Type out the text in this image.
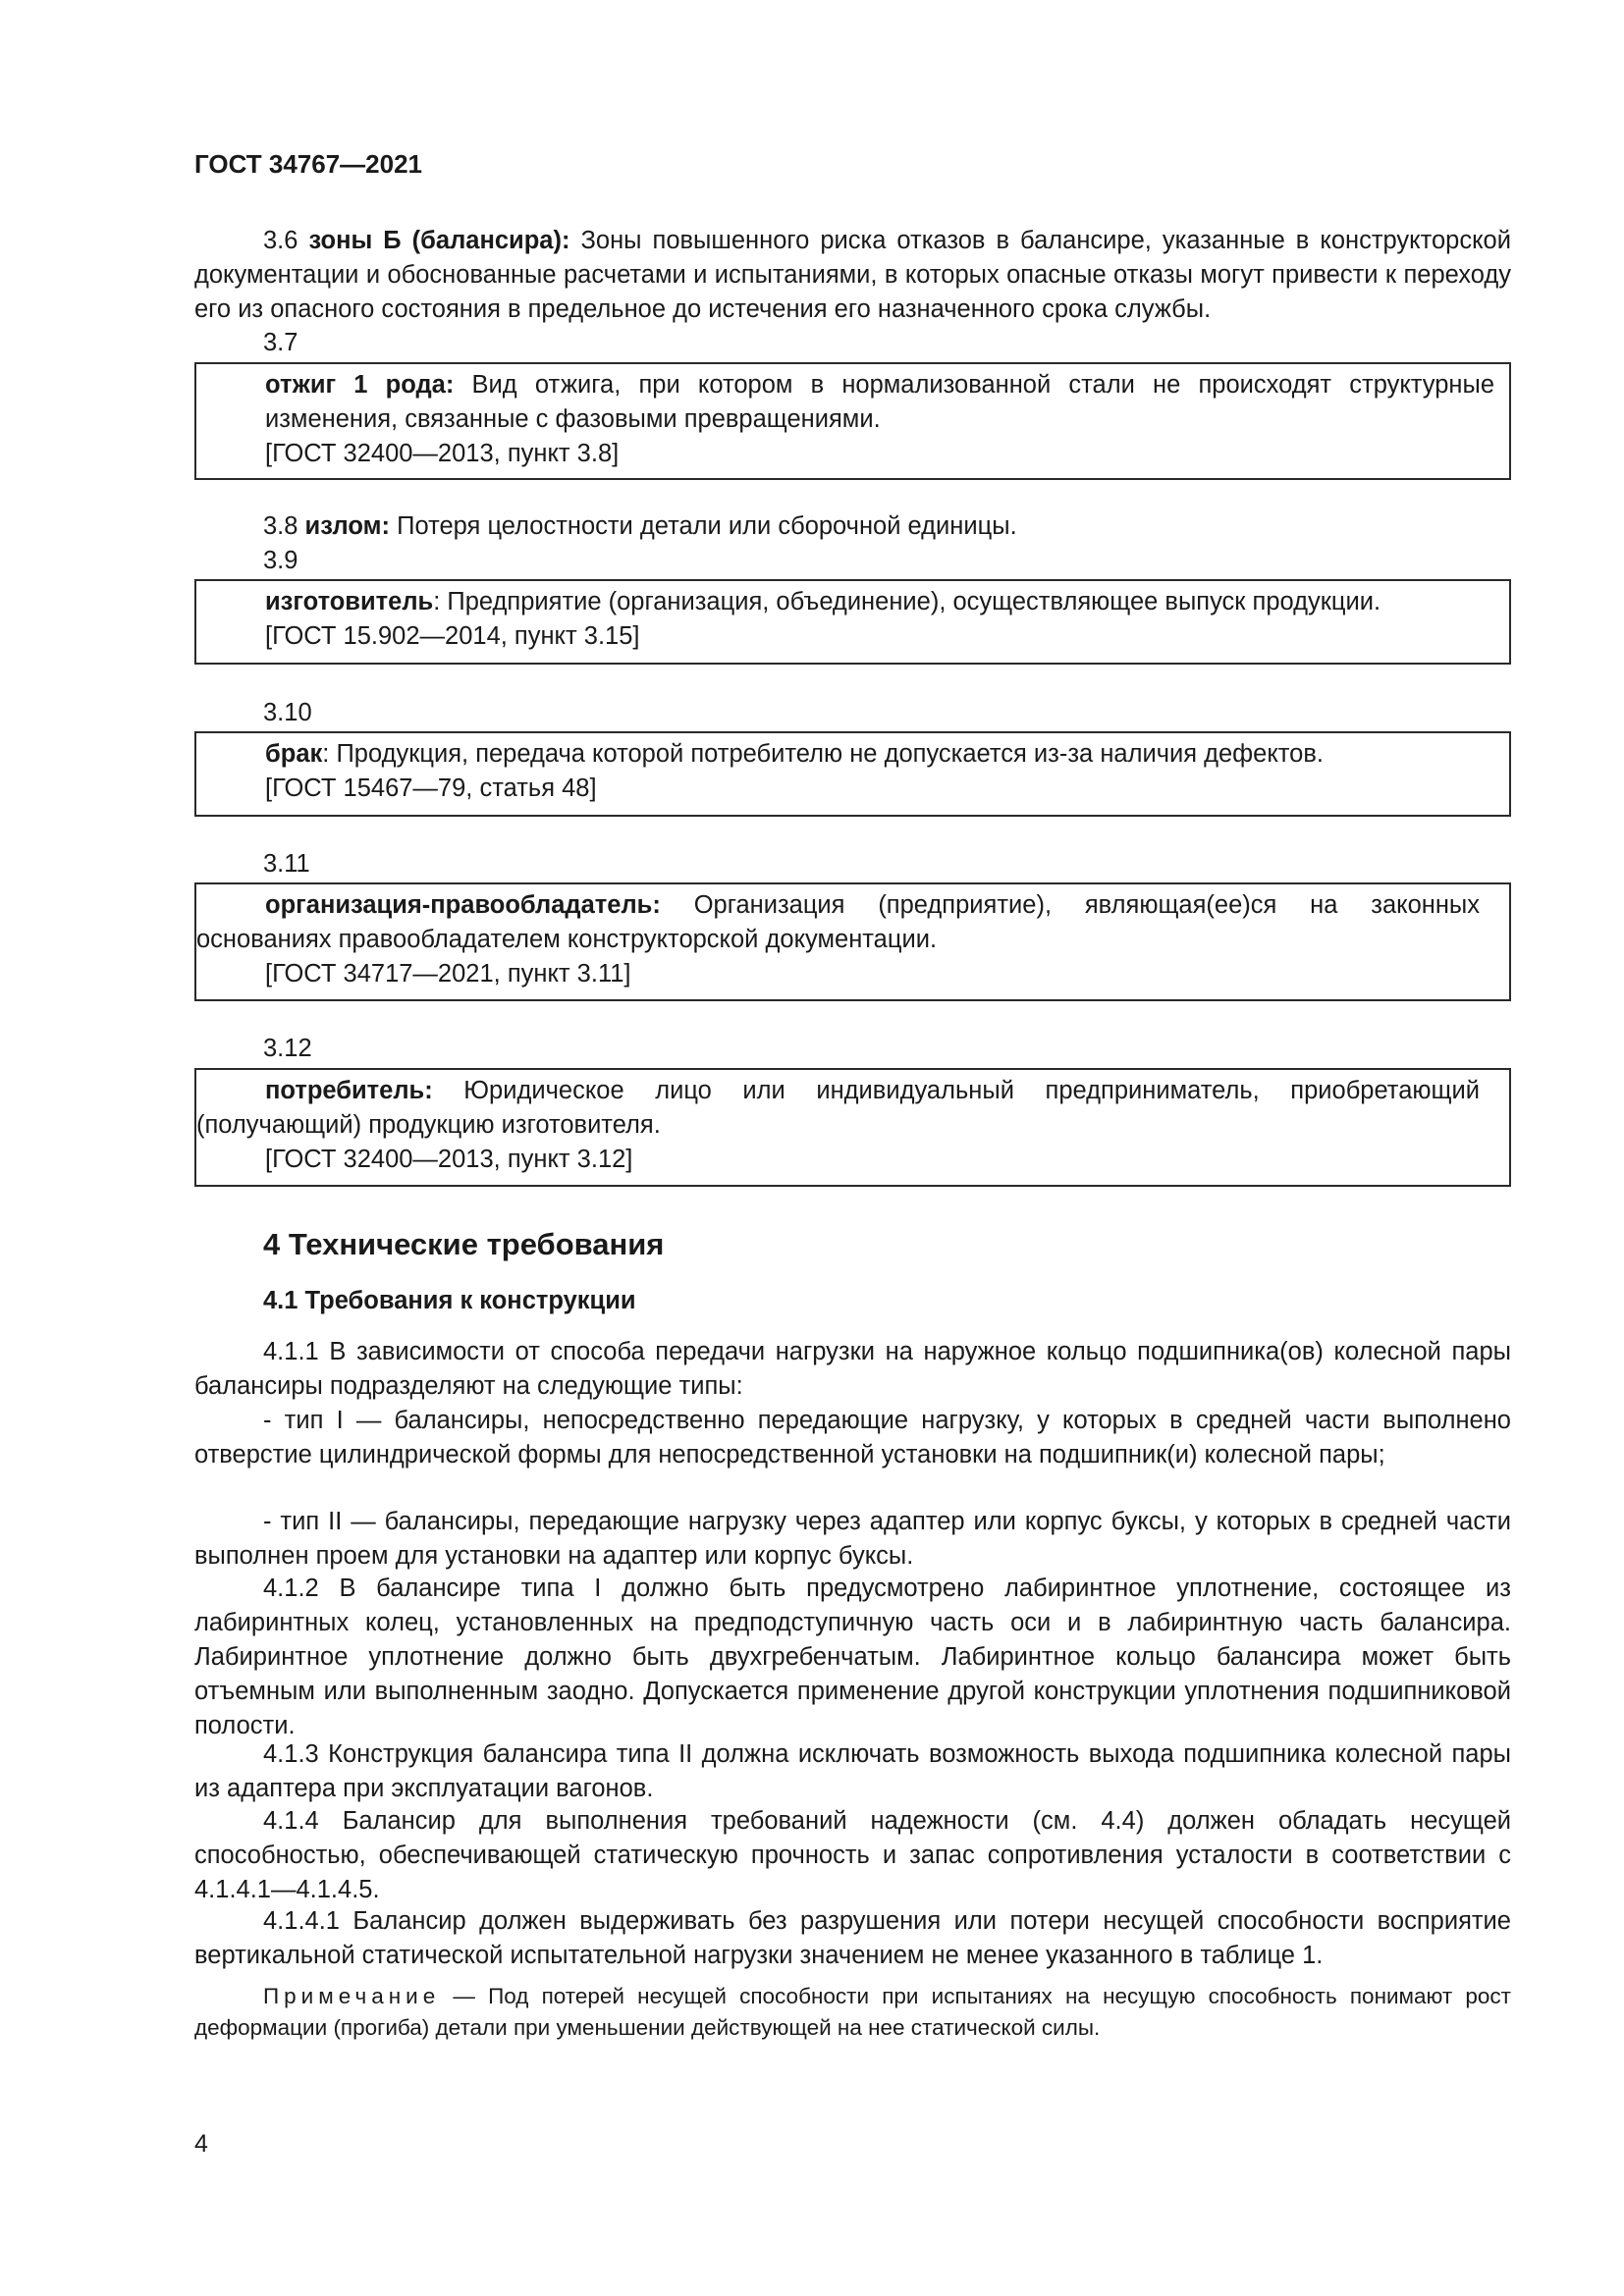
ГОСТ 34767—2021

3.6 зоны Б (балансира): Зоны повышенного риска отказов в балансире, указанные в конструкторской документации и обоснованные расчетами и испытаниями, в которых опасные отказы могут привести к переходу его из опасного состояния в предельное до истечения его назначенного срока службы.

3.7
отжиг 1 рода: Вид отжига, при котором в нормализованной стали не происходят структурные изменения, связанные с фазовыми превращениями.
[ГОСТ 32400—2013, пункт 3.8]

3.8 излом: Потеря целостности детали или сборочной единицы.

3.9
изготовитель: Предприятие (организация, объединение), осуществляющее выпуск продукции.
[ГОСТ 15.902—2014, пункт 3.15]
3.10
брак: Продукция, передача которой потребителю не допускается из-за наличия дефектов.
[ГОСТ 15467—79, статья 48]
3.11
организация-правообладатель: Организация (предприятие), являющая(ее)ся на законных основаниях правообладателем конструкторской документации.
[ГОСТ 34717—2021, пункт 3.11]
3.12
потребитель: Юридическое лицо или индивидуальный предприниматель, приобретающий (получающий) продукцию изготовителя.
[ГОСТ 32400—2013, пункт 3.12]
4 Технические требования
4.1 Требования к конструкции

4.1.1 В зависимости от способа передачи нагрузки на наружное кольцо подшипника(ов) колесной пары балансиры подразделяют на следующие типы:

- тип I — балансиры, непосредственно передающие нагрузку, у которых в средней части выполнено отверстие цилиндрической формы для непосредственной установки на подшипник(и) колесной пары;

- тип II — балансиры, передающие нагрузку через адаптер или корпус буксы, у которых в средней части выполнен проем для установки на адаптер или корпус буксы.

4.1.2 В балансире типа I должно быть предусмотрено лабиринтное уплотнение, состоящее из лабиринтных колец, установленных на предподступичную часть оси и в лабиринтную часть балансира. Лабиринтное уплотнение должно быть двухгребенчатым. Лабиринтное кольцо балансира может быть отъемным или выполненным заодно. Допускается применение другой конструкции уплотнения подшипниковой полости.

4.1.3 Конструкция балансира типа II должна исключать возможность выхода подшипника колесной пары из адаптера при эксплуатации вагонов.

4.1.4 Балансир для выполнения требований надежности (см. 4.4) должен обладать несущей способностью, обеспечивающей статическую прочность и запас сопротивления усталости в соответствии с 4.1.4.1—4.1.4.5.

4.1.4.1 Балансир должен выдерживать без разрушения или потери несущей способности восприятие вертикальной статической испытательной нагрузки значением не менее указанного в таблице 1.

Примечание — Под потерей несущей способности при испытаниях на несущую способность понимают рост деформации (прогиба) детали при уменьшении действующей на нее статической силы.

4
